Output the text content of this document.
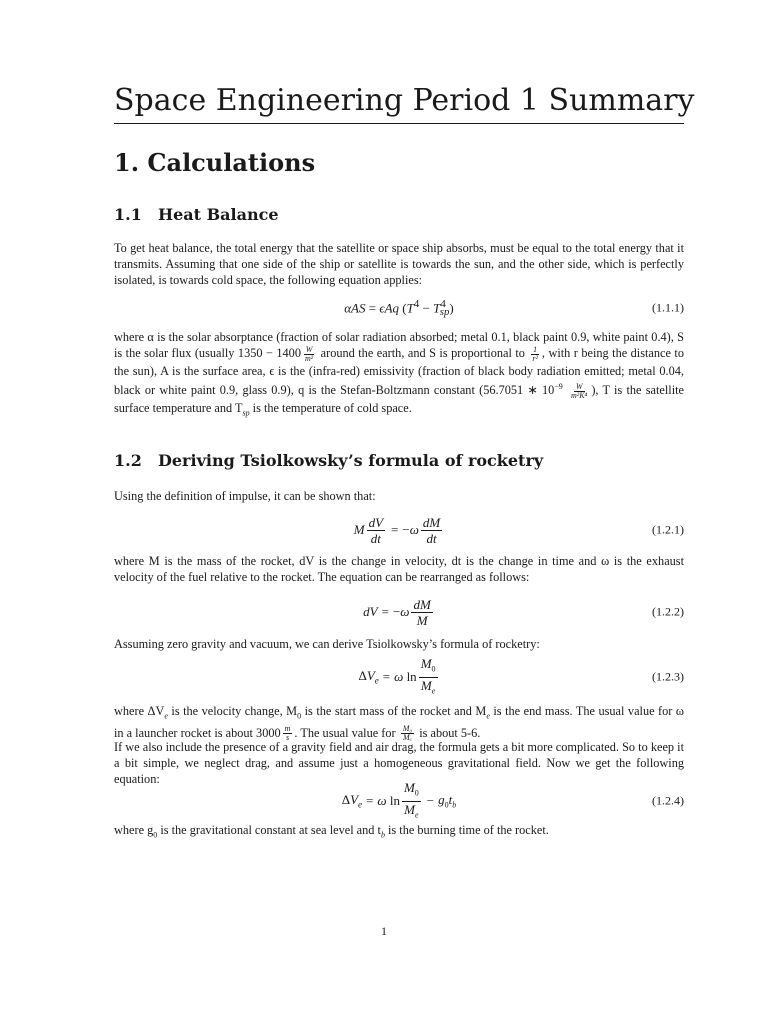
Space Engineering Period 1 Summary
1. Calculations
1.1 Heat Balance
To get heat balance, the total energy that the satellite or space ship absorbs, must be equal to the total energy that it transmits. Assuming that one side of the ship or satellite is towards the sun, and the other side, which is perfectly isolated, is towards cold space, the following equation applies:
αAS = ϵAq $(T^4 - T^4_{sp})$	(1.1.1)
where α is the solar absorptance (fraction of solar radiation absorbed; metal 0.1, black paint 0.9, white paint 0.4), S is the solar flux (usually $1350 - 1400 \frac{W}{\text{m²}}$ around the earth, and S is proportional to $\frac{1}{\text{r²}}$ , with r being the distance to the sun), A is the surface area, ϵ is the (infra-red) emissivity (fraction of black body radiation emitted; metal 0.04, black or white paint 0.9, glass 0.9), q is the Stefan-Boltzmann constant (56.7051 ∗ $10^{-9} \frac{W}{\text{m²K⁴}}$ ), T is the satellite surface temperature and $T_{sp}$ is the temperature of cold space.
1.2 Deriving Tsiolkowsky’s formula of rocketry
Using the definition of impulse, it can be shown that:
M $\frac{dV}{dt} = -\omega \frac{dM}{dt}$	(1.2.1)
where M is the mass of the rocket, dV is the change in velocity, dt is the change in time and ω is the exhaust velocity of the fuel relative to the rocket. The equation can be rearranged as follows:
dV = $-\omega \frac{dM}{M}$	(1.2.2)
Assuming zero gravity and vacuum, we can derive Tsiolkowsky’s formula of rocketry:
$\Delta V_e = \omega$ $\ln \frac{M_0}{M_e}$	(1.2.3)
where $\Delta V_e$ is the velocity change, $M_0$ is the start mass of the rocket and $M_e$ is the end mass. The usual value for ω in a launcher rocket is about $3000 \frac{m}{s}$ . The usual value for $\frac{\text{M₀}}{\text{Mₑ}}$ is about 5-6.
If we also include the presence of a gravity field and air drag, the formula gets a bit more complicated. So to keep it a bit simple, we neglect drag, and assume just a homogeneous gravitational field. Now we get the following equation:
$\Delta V_e = \omega$ $\ln \frac{M_0}{M_e} - g_0t_b$	(1.2.4)
where $g_0$ is the gravitational constant at sea level and $t_b$ is the burning time of the rocket.
1
